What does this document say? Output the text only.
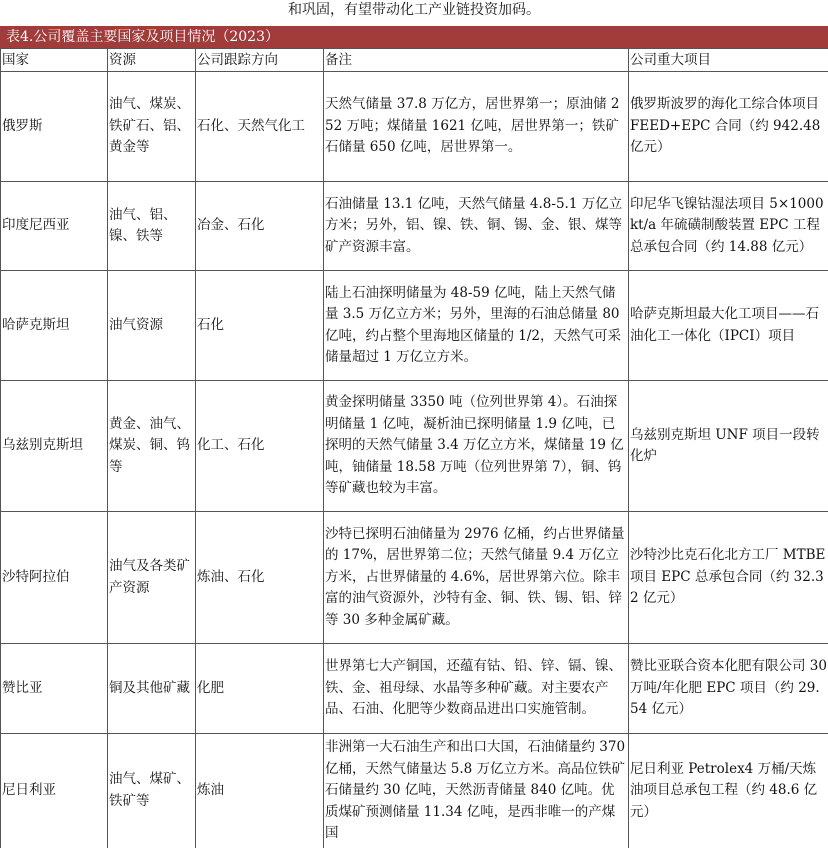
和巩固，有望带动化工产业链投资加码。
表4.公司覆盖主要国家及项目情况（2023）
国家	资源	公司跟踪方向	备注	公司重大项目
俄罗斯	油气、煤炭、铁矿石、铝、黄金等	石化、天然气化工	天然气储量 37.8 万亿方，居世界第一；原油储 252 万吨；煤储量 1621 亿吨，居世界第一；铁矿石储量 650 亿吨，居世界第一。	俄罗斯波罗的海化工综合体项目 FEED+EPC 合同（约 942.48 亿元）
印度尼西亚	油气、铝、镍、铁等	冶金、石化	石油储量 13.1 亿吨，天然气储量 4.8-5.1 万亿立方米；另外，铝、镍、铁、铜、锡、金、银、煤等矿产资源丰富。	印尼华飞镍钴湿法项目 5×1000kt/a 年硫磺制酸装置 EPC 工程总承包合同（约 14.88 亿元）
哈萨克斯坦	油气资源	石化	陆上石油探明储量为 48-59 亿吨，陆上天然气储量 3.5 万亿立方米；另外，里海的石油总储量 80 亿吨，约占整个里海地区储量的 1/2，天然气可采储量超过 1 万亿立方米。	哈萨克斯坦最大化工项目——石油化工一体化（IPCI）项目
乌兹别克斯坦	黄金、油气、煤炭、铜、钨等	化工、石化	黄金探明储量 3350 吨（位列世界第 4）。石油探明储量 1 亿吨，凝析油已探明储量 1.9 亿吨，已探明的天然气储量 3.4 万亿立方米，煤储量 19 亿吨，铀储量 18.58 万吨（位列世界第 7），铜、钨等矿藏也较为丰富。	乌兹别克斯坦 UNF 项目一段转化炉
沙特阿拉伯	油气及各类矿产资源	炼油、石化	沙特已探明石油储量为 2976 亿桶，约占世界储量的 17%，居世界第二位；天然气储量 9.4 万亿立方米，占世界储量的 4.6%，居世界第六位。除丰富的油气资源外，沙特有金、铜、铁、锡、铝、锌等 30 多种金属矿藏。	沙特沙比克石化北方工厂 MTBE 项目 EPC 总承包合同（约 32.32 亿元）
赞比亚	铜及其他矿藏	化肥	世界第七大产铜国，还蕴有钴、铅、锌、镉、镍、铁、金、祖母绿、水晶等多种矿藏。对主要农产品、石油、化肥等少数商品进出口实施管制。	赞比亚联合资本化肥有限公司 30 万吨/年化肥 EPC 项目（约 29.54 亿元）
尼日利亚	油气、煤矿、铁矿等	炼油	非洲第一大石油生产和出口大国，石油储量约 370 亿桶，天然气储量达 5.8 万亿立方米。高品位铁矿石储量约 30 亿吨，天然沥青储量 840 亿吨。优质煤矿预测储量 11.34 亿吨，是西非唯一的产煤国	尼日利亚 Petrolex4 万桶/天炼油项目总承包工程（约 48.6 亿元）
